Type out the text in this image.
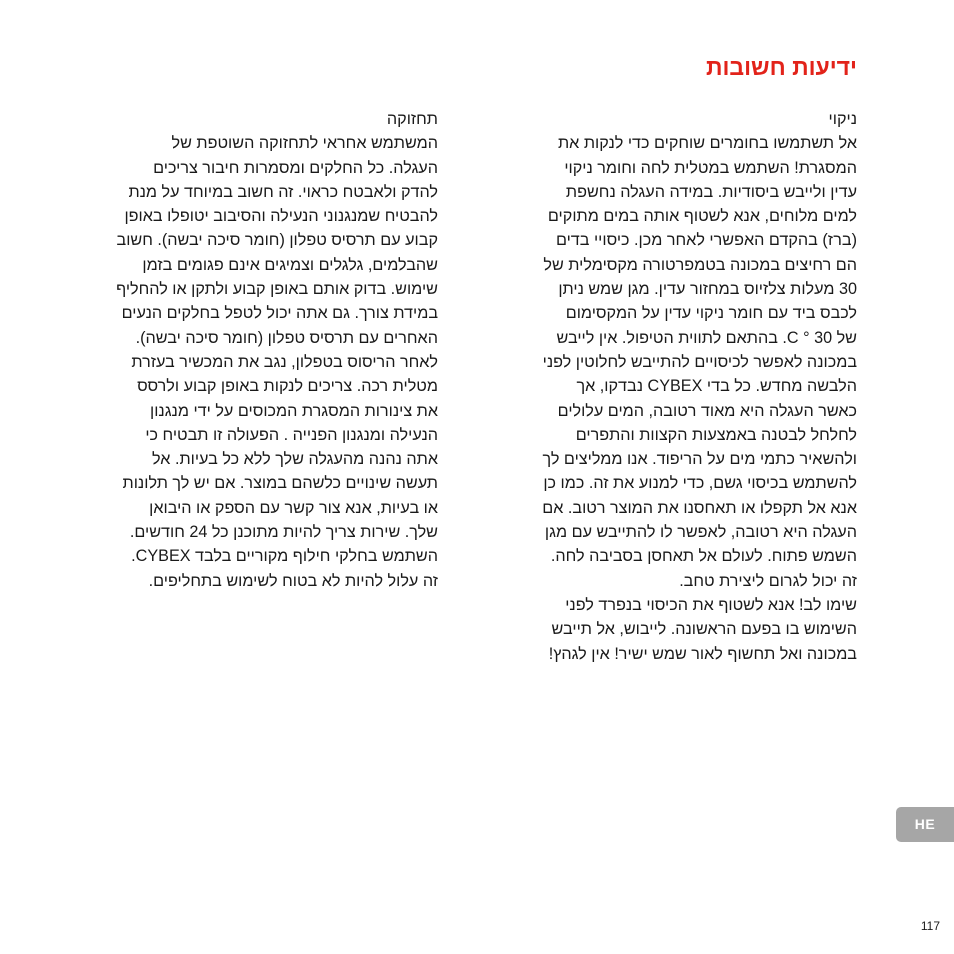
ידיעות חשובות
ניקוי
אל תשתמשו בחומרים שוחקים כדי לנקות את
המסגרת! השתמש במטלית לחה וחומר ניקוי
עדין ולייבש ביסודיות. במידה העגלה נחשפת
למים מלוחים, אנא לשטוף אותה במים מתוקים
(ברז) בהקדם האפשרי לאחר מכן. כיסויי בדים
הם רחיצים במכונה בטמפרטורה מקסימלית של
30 מעלות צלזיוס במחזור עדין. מגן שמש ניתן
לכבס ביד עם חומר ניקוי עדין על המקסימום
של 30 ° C. בהתאם לתווית הטיפול. אין לייבש
במכונה לאפשר לכיסויים להתייבש לחלוטין לפני
הלבשה מחדש. כל בדי CYBEX נבדקו, אך
כאשר העגלה היא מאוד רטובה, המים עלולים
לחלחל לבטנה באמצעות הקצוות והתפרים
ולהשאיר כתמי מים על הריפוד. אנו ממליצים לך
להשתמש בכיסוי גשם, כדי למנוע את זה. כמו כן
אנא אל תקפלו או תאחסנו את המוצר רטוב. אם
העגלה היא רטובה, לאפשר לו להתייבש עם מגן
השמש פתוח. לעולם אל תאחסן בסביבה לחה.
זה יכול לגרום ליצירת טחב.
שימו לב! אנא לשטוף את הכיסוי בנפרד לפני
השימוש בו בפעם הראשונה. לייבוש, אל תייבש
במכונה ואל תחשוף לאור שמש ישיר! אין לגהץ!
תחזוקה
המשתמש אחראי לתחזוקה השוטפת של
העגלה. כל החלקים ומסמרות חיבור צריכים
להדק ולאבטח כראוי. זה חשוב במיוחד על מנת
להבטיח שמנגנוני הנעילה והסיבוב יטופלו באופן
קבוע עם תרסיס טפלון (חומר סיכה יבשה). חשוב
שהבלמים, גלגלים וצמיגים אינם פגומים בזמן
שימוש. בדוק אותם באופן קבוע ולתקן או להחליף
במידת צורך. גם אתה יכול לטפל בחלקים הנעים
האחרים עם תרסיס טפלון (חומר סיכה יבשה).
לאחר הריסוס בטפלון, נגב את המכשיר בעזרת
מטלית רכה. צריכים לנקות באופן קבוע ולרסס
את צינורות המסגרת המכוסים על ידי מנגנון
הנעילה ומנגנון הפנייה . הפעולה זו תבטיח כי
אתה נהנה מהעגלה שלך ללא כל בעיות. אל
תעשה שינויים כלשהם במוצר. אם יש לך תלונות
או בעיות, אנא צור קשר עם הספק או היבואן
שלך. שירות צריך להיות מתוכנן כל 24 חודשים.
השתמש בחלקי חילוף מקוריים בלבד CYBEX.
זה עלול להיות לא בטוח לשימוש בתחליפים.
HE
117
